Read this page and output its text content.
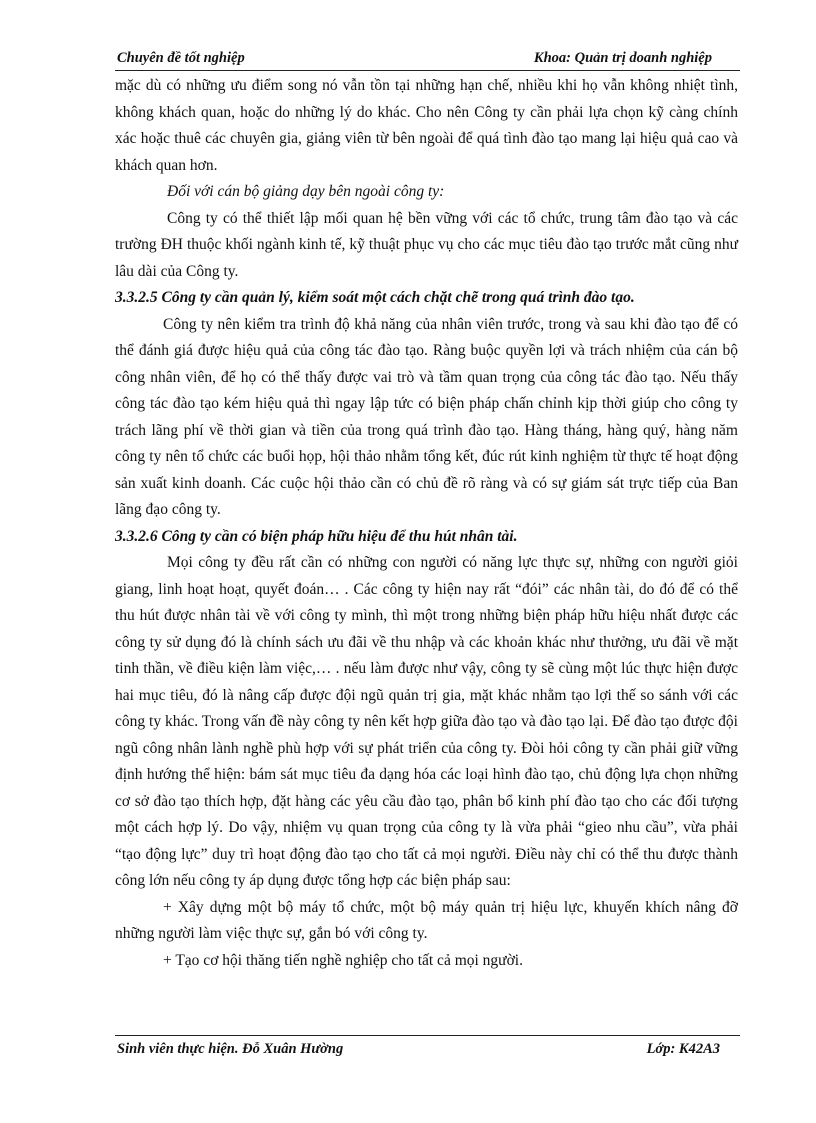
Chuyên đề tốt nghiệp	Khoa: Quản trị doanh nghiệp

mặc dù có những ưu điểm song nó vẫn tồn tại những hạn chế, nhiều khi họ vẫn không nhiệt tình, không khách quan, hoặc do những lý do khác. Cho nên Công ty cần phải lựa chọn kỹ càng chính xác hoặc thuê các chuyên gia, giảng viên từ bên ngoài để quá tình đào tạo mang lại hiệu quả cao và khách quan hơn.

Đối với cán bộ giảng dạy bên ngoài công ty:

Công ty có thể thiết lập mối quan hệ bền vững với các tổ chức, trung tâm đào tạo và các trường ĐH thuộc khối ngành kinh tế, kỹ thuật phục vụ cho các mục tiêu đào tạo trước mắt cũng như lâu dài của Công ty.

3.3.2.5 Công ty cần quản lý, kiểm soát một cách chặt chẽ trong quá trình đào tạo.

Công ty nên kiểm tra trình độ khả năng của nhân viên trước, trong và sau khi đào tạo để có thể đánh giá được hiệu quả của công tác đào tạo. Ràng buộc quyền lợi và trách nhiệm của cán bộ công nhân viên, để họ có thể thấy được vai trò và tầm quan trọng của công tác đào tạo. Nếu thấy công tác đào tạo kém hiệu quả thì ngay lập tức có biện pháp chấn chỉnh kịp thời giúp cho công ty trách lãng phí về thời gian và tiền của trong quá trình đào tạo. Hàng tháng, hàng quý, hàng năm công ty nên tổ chức các buổi họp, hội thảo nhằm tổng kết, đúc rút kinh nghiệm từ thực tế hoạt động sản xuất kinh doanh. Các cuộc hội thảo cần có chủ đề rõ ràng và có sự giám sát trực tiếp của Ban lãng đạo công ty.

3.3.2.6 Công ty cần có biện pháp hữu hiệu để thu hút nhân tài.

Mọi công ty đều rất cần có những con người có năng lực thực sự, những con người giỏi giang, linh hoạt hoạt, quyết đoán… . Các công ty hiện nay rất “đói” các nhân tài, do đó để có thể thu hút được nhân tài về với công ty mình, thì một trong những biện pháp hữu hiệu nhất được các công ty sử dụng đó là chính sách ưu đãi về thu nhập và các khoản khác như thưởng, ưu đãi về mặt tinh thần, về điều kiện làm việc,… . nếu làm được như vậy, công ty sẽ cùng một lúc thực hiện được hai mục tiêu, đó là nâng cấp được đội ngũ quản trị gia, mặt khác nhằm tạo lợi thế so sánh với các công ty khác. Trong vấn đề này công ty nên kết hợp giữa đào tạo và đào tạo lại. Để đào tạo được đội ngũ công nhân lành nghề phù hợp với sự phát triển của công ty. Đòi hỏi công ty cần phải giữ vững định hướng thể hiện: bám sát mục tiêu đa dạng hóa các loại hình đào tạo, chủ động lựa chọn những cơ sở đào tạo thích hợp, đặt hàng các yêu cầu đào tạo, phân bổ kinh phí đào tạo cho các đối tượng một cách hợp lý. Do vậy, nhiệm vụ quan trọng của công ty là vừa phải “gieo nhu cầu”, vừa phải “tạo động lực” duy trì hoạt động đào tạo cho tất cả mọi người. Điều này chỉ có thể thu được thành công lớn nếu công ty áp dụng được tổng hợp các biện pháp sau:

+ Xây dựng một bộ máy tổ chức, một bộ máy quản trị hiệu lực, khuyến khích nâng đỡ những người làm việc thực sự, gắn bó với công ty.

+ Tạo cơ hội thăng tiến nghề nghiệp cho tất cả mọi người.

Sinh viên thực hiện. Đỗ Xuân Hường	Lớp: K42A3
